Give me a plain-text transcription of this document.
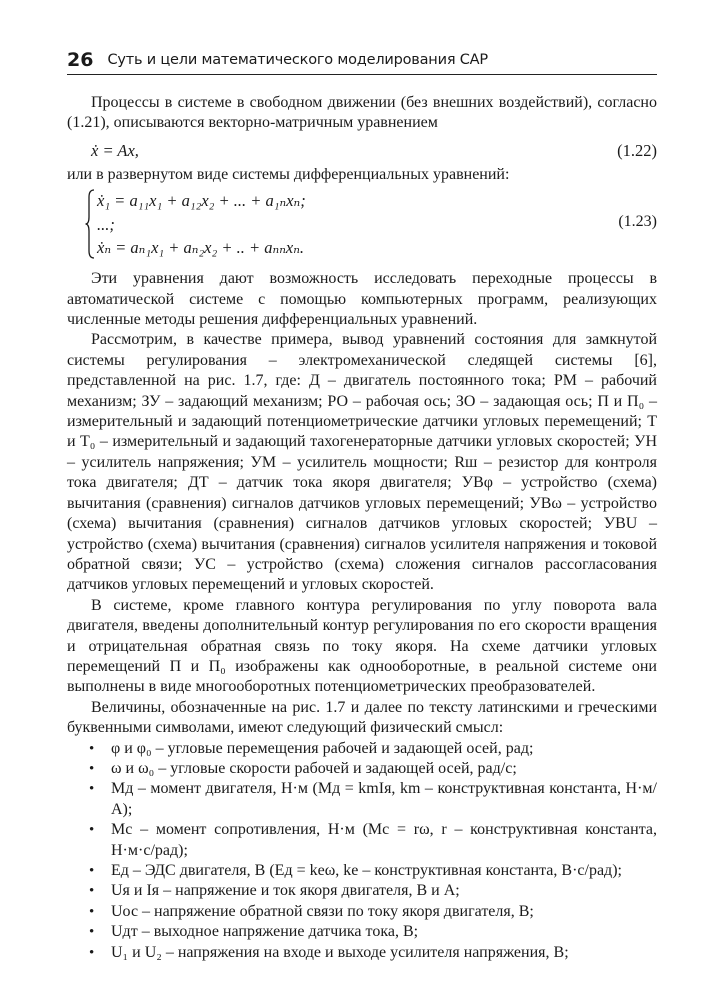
26 Суть и цели математического моделирования САР

Процессы в системе в свободном движении (без внешних воздействий), согласно (1.21), описываются векторно-матричным уравнением

ẋ = Ax,	(1.22)

или в развернутом виде системы дифференциальных уравнений:

ẋ₁ = a₁₁x₁ + a₁₂x₂ + ... + a₁ₙxₙ;
...;
ẋₙ = aₙ₁x₁ + aₙ₂x₂ + .. + aₙₙxₙ.
(1.23)

Эти уравнения дают возможность исследовать переходные процессы в автоматической системе с помощью компьютерных программ, реализующих численные методы решения дифференциальных уравнений.

Рассмотрим, в качестве примера, вывод уравнений состояния для замкнутой системы регулирования – электромеханической следящей системы [6], представленной на рис. 1.7, где: Д – двигатель постоянного тока; РМ – рабочий механизм; ЗУ – задающий механизм; РО – рабочая ось; ЗО – задающая ось; П и П₀ – измерительный и задающий потенциометрические датчики угловых перемещений; Т и Т₀ – измерительный и задающий тахогенераторные датчики угловых скоростей; УН – усилитель напряжения; УМ – усилитель мощности; Rш – резистор для контроля тока двигателя; ДТ – датчик тока якоря двигателя; УВφ – устройство (схема) вычитания (сравнения) сигналов датчиков угловых перемещений; УВω – устройство (схема) вычитания (сравнения) сигналов датчиков угловых скоростей; УВU – устройство (схема) вычитания (сравнения) сигналов усилителя напряжения и токовой обратной связи; УС – устройство (схема) сложения сигналов рассогласования датчиков угловых перемещений и угловых скоростей.

В системе, кроме главного контура регулирования по углу поворота вала двигателя, введены дополнительный контур регулирования по его скорости вращения и отрицательная обратная связь по току якоря. На схеме датчики угловых перемещений П и П₀ изображены как однооборотные, в реальной системе они выполнены в виде многооборотных потенциометрических преобразователей.

Величины, обозначенные на рис. 1.7 и далее по тексту латинскими и греческими буквенными символами, имеют следующий физический смысл:

• φ и φ₀ – угловые перемещения рабочей и задающей осей, рад;
• ω и ω₀ – угловые скорости рабочей и задающей осей, рад/с;
• Mд – момент двигателя, Н·м (Mд = kmIя, km – конструктивная константа, Н·м/А);
• Mс – момент сопротивления, Н·м (Mс = rω, r – конструктивная константа, Н·м·с/рад);
• Eд – ЭДС двигателя, В (Eд = keω, ke – конструктивная константа, В·с/рад);
• Uя и Iя – напряжение и ток якоря двигателя, В и А;
• Uос – напряжение обратной связи по току якоря двигателя, В;
• Uдт – выходное напряжение датчика тока, В;
• U₁ и U₂ – напряжения на входе и выходе усилителя напряжения, В;
